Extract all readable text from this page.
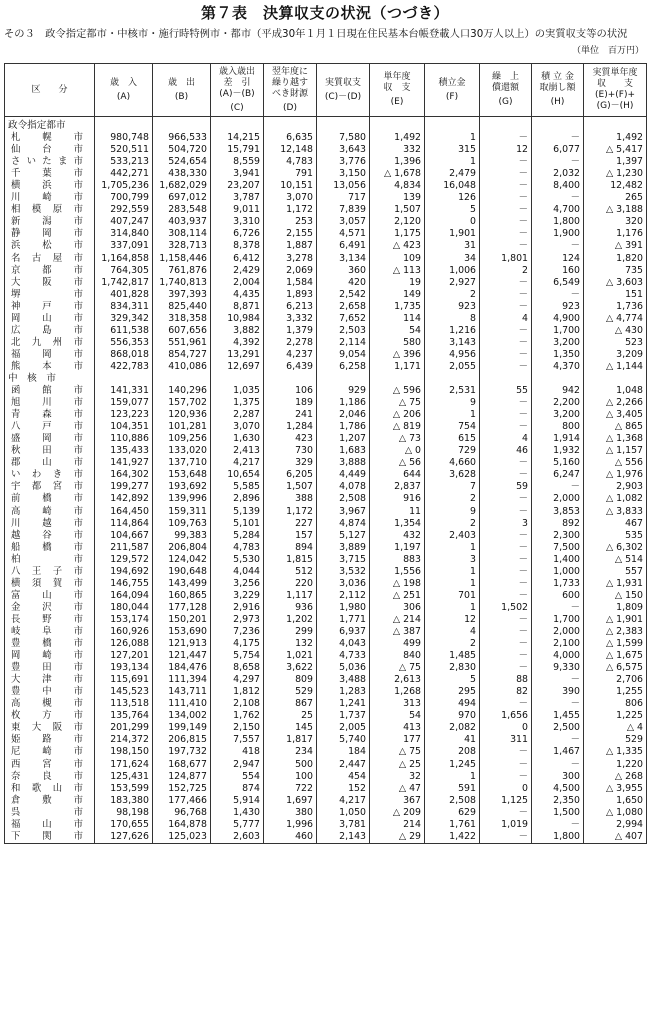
第７表　決算収支の状況（つづき）
その３　政令指定都市・中核市・施行時特例市・都市（平成30年１月１日現在住民基本台帳登載人口30万人以上）の実質収支等の状況
（単位　百万円）
区　　分	歳　入
(A)	歳　出
(B)	歳入歳出
差　引
(A)－(B)
(C)	翌年度に
繰り越す
べき財源
(D)	実質収支
(C)－(D)	単年度
収　支
(E)	積立金
(F)	繰　上
償還額
(G)	積 立 金
取崩し額
(H)	実質単年度
収　　支
(E)+(F)+
(G)－(H)

政令指定都市										
札幌市	980,748	966,533	14,215	6,635	7,580	1,492	1	－	－	1,492
仙台市	520,511	504,720	15,791	12,148	3,643	332	315	12	6,077	△ 5,417
さいたま市	533,213	524,654	8,559	4,783	3,776	1,396	1	－	－	1,397
千葉市	442,271	438,330	3,941	791	3,150	△ 1,678	2,479	－	2,032	△ 1,230
横浜市	1,705,236	1,682,029	23,207	10,151	13,056	4,834	16,048	－	8,400	12,482
川崎市	700,799	697,012	3,787	3,070	717	139	126	－	－	265
相模原市	292,559	283,548	9,011	1,172	7,839	1,507	5	－	4,700	△ 3,188
新潟市	407,247	403,937	3,310	253	3,057	2,120	0	－	1,800	320
静岡市	314,840	308,114	6,726	2,155	4,571	1,175	1,901	－	1,900	1,176
浜松市	337,091	328,713	8,378	1,887	6,491	△ 423	31	－	－	△ 391
名古屋市	1,164,858	1,158,446	6,412	3,278	3,134	109	34	1,801	124	1,820
京都市	764,305	761,876	2,429	2,069	360	△ 113	1,006	2	160	735
大阪市	1,742,817	1,740,813	2,004	1,584	420	19	2,927	－	6,549	△ 3,603
堺市	401,828	397,393	4,435	1,893	2,542	149	2	－	－	151
神戸市	834,311	825,440	8,871	6,213	2,658	1,735	923	－	923	1,736
岡山市	329,342	318,358	10,984	3,332	7,652	114	8	4	4,900	△ 4,774
広島市	611,538	607,656	3,882	1,379	2,503	54	1,216	－	1,700	△ 430
北九州市	556,353	551,961	4,392	2,278	2,114	580	3,143	－	3,200	523
福岡市	868,018	854,727	13,291	4,237	9,054	△ 396	4,956	－	1,350	3,209
熊本市	422,783	410,086	12,697	6,439	6,258	1,171	2,055	－	4,370	△ 1,144
中　核　市										
函館市	141,331	140,296	1,035	106	929	△ 596	2,531	55	942	1,048
旭川市	159,077	157,702	1,375	189	1,186	△ 75	9	－	2,200	△ 2,266
青森市	123,223	120,936	2,287	241	2,046	△ 206	1	－	3,200	△ 3,405
八戸市	104,351	101,281	3,070	1,284	1,786	△ 819	754	－	800	△ 865
盛岡市	110,886	109,256	1,630	423	1,207	△ 73	615	4	1,914	△ 1,368
秋田市	135,433	133,020	2,413	730	1,683	△ 0	729	46	1,932	△ 1,157
郡山市	141,927	137,710	4,217	329	3,888	△ 56	4,660	－	5,160	△ 556
いわき市	164,302	153,648	10,654	6,205	4,449	644	3,628	－	6,247	△ 1,976
宇都宮市	199,277	193,692	5,585	1,507	4,078	2,837	7	59	－	2,903
前橋市	142,892	139,996	2,896	388	2,508	916	2	－	2,000	△ 1,082
高崎市	164,450	159,311	5,139	1,172	3,967	11	9	－	3,853	△ 3,833
川越市	114,864	109,763	5,101	227	4,874	1,354	2	3	892	467
越谷市	104,667	99,383	5,284	157	5,127	432	2,403	－	2,300	535
船橋市	211,587	206,804	4,783	894	3,889	1,197	1	－	7,500	△ 6,302
柏市	129,572	124,042	5,530	1,815	3,715	883	3	－	1,400	△ 514
八王子市	194,692	190,648	4,044	512	3,532	1,556	1	－	1,000	557
横須賀市	146,755	143,499	3,256	220	3,036	△ 198	1	－	1,733	△ 1,931
富山市	164,094	160,865	3,229	1,117	2,112	△ 251	701	－	600	△ 150
金沢市	180,044	177,128	2,916	936	1,980	306	1	1,502	－	1,809
長野市	153,174	150,201	2,973	1,202	1,771	△ 214	12	－	1,700	△ 1,901
岐阜市	160,926	153,690	7,236	299	6,937	△ 387	4	－	2,000	△ 2,383
豊橋市	126,088	121,913	4,175	132	4,043	499	2	－	2,100	△ 1,599
岡崎市	127,201	121,447	5,754	1,021	4,733	840	1,485	－	4,000	△ 1,675
豊田市	193,134	184,476	8,658	3,622	5,036	△ 75	2,830	－	9,330	△ 6,575
大津市	115,691	111,394	4,297	809	3,488	2,613	5	88	－	2,706
豊中市	145,523	143,711	1,812	529	1,283	1,268	295	82	390	1,255
高槻市	113,518	111,410	2,108	867	1,241	313	494	－	－	806
枚方市	135,764	134,002	1,762	25	1,737	54	970	1,656	1,455	1,225
東大阪市	201,299	199,149	2,150	145	2,005	413	2,082	0	2,500	△ 4
姫路市	214,372	206,815	7,557	1,817	5,740	177	41	311	－	529
尼崎市	198,150	197,732	418	234	184	△ 75	208	－	1,467	△ 1,335
西宮市	171,624	168,677	2,947	500	2,447	△ 25	1,245	－	－	1,220
奈良市	125,431	124,877	554	100	454	32	1	－	300	△ 268
和歌山市	153,599	152,725	874	722	152	△ 47	591	0	4,500	△ 3,955
倉敷市	183,380	177,466	5,914	1,697	4,217	367	2,508	1,125	2,350	1,650
呉市	98,198	96,768	1,430	380	1,050	△ 209	629	－	1,500	△ 1,080
福山市	170,655	164,878	5,777	1,996	3,781	214	1,761	1,019	－	2,994
下関市	127,626	125,023	2,603	460	2,143	△ 29	1,422	－	1,800	△ 407
